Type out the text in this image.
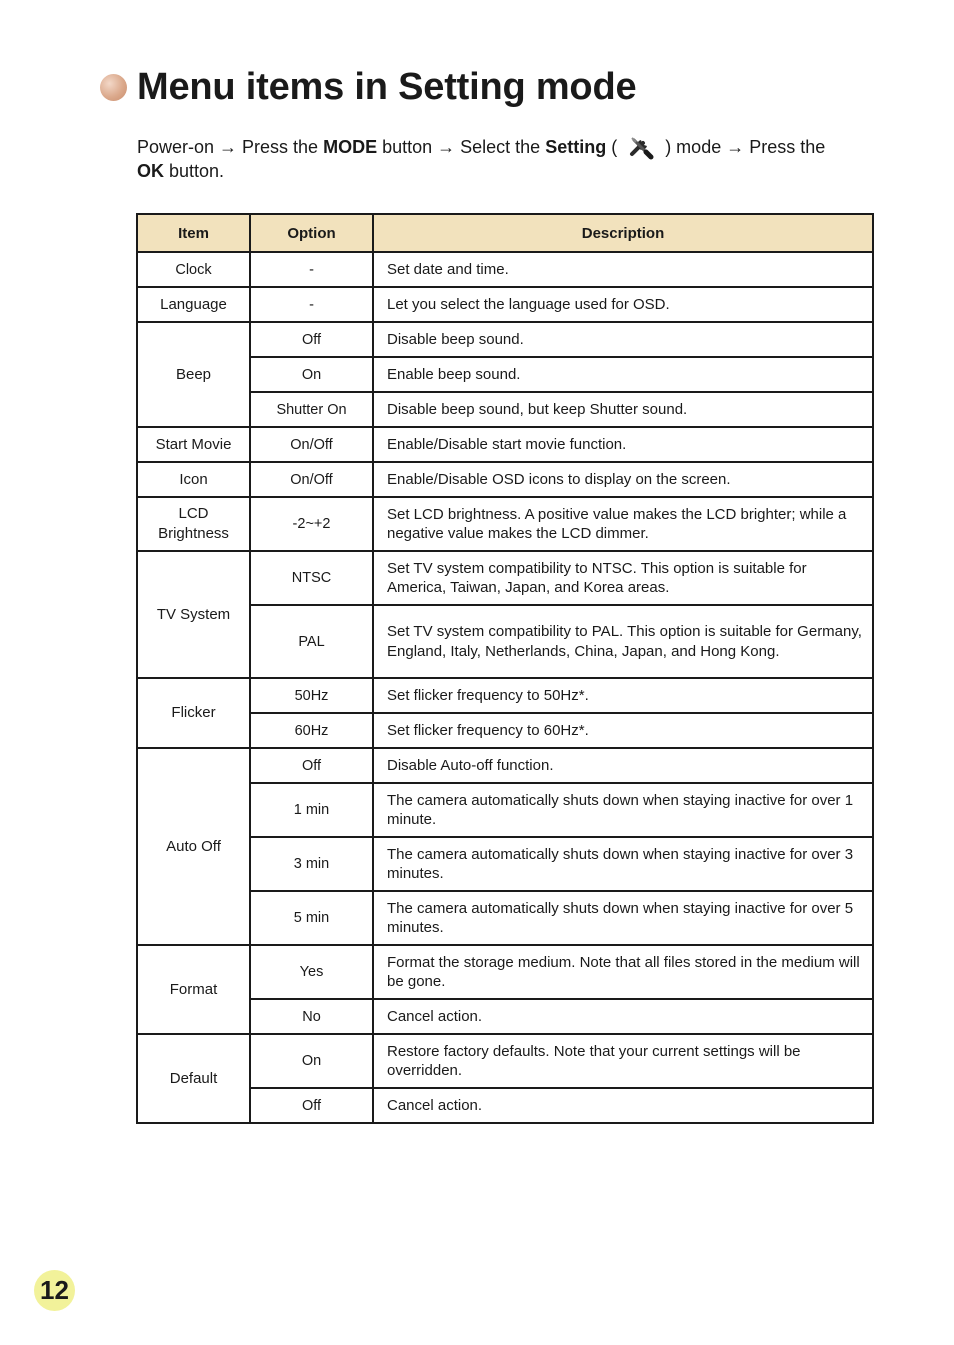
Menu items in Setting mode

Power-on → Press the MODE button → Select the Setting (  ) mode → Press the OK button.

Item	Option	Description
Clock	-	Set date and time.
Language	-	Let you select the language used for OSD.
Beep	Off	Disable beep sound.
	On	Enable beep sound.
	Shutter On	Disable beep sound, but keep Shutter sound.
Start Movie	On/Off	Enable/Disable start movie function.
Icon	On/Off	Enable/Disable OSD icons to display on the screen.
LCD Brightness	-2~+2	Set LCD brightness. A positive value makes the LCD brighter; while a negative value makes the LCD dimmer.
TV System	NTSC	Set TV system compatibility to NTSC. This option is suitable for America, Taiwan, Japan, and Korea areas.
	PAL	Set TV system compatibility to PAL. This option is suitable for Germany, England, Italy, Netherlands, China, Japan, and Hong Kong.
Flicker	50Hz	Set flicker frequency to 50Hz*.
	60Hz	Set flicker frequency to 60Hz*.
Auto Off	Off	Disable Auto-off function.
	1 min	The camera automatically shuts down when staying inactive for over 1 minute.
	3 min	The camera automatically shuts down when staying inactive for over 3 minutes.
	5 min	The camera automatically shuts down when staying inactive for over 5 minutes.
Format	Yes	Format the storage medium. Note that all files stored in the medium will be gone.
	No	Cancel action.
Default	On	Restore factory defaults. Note that your current settings will be overridden.
	Off	Cancel action.
12
